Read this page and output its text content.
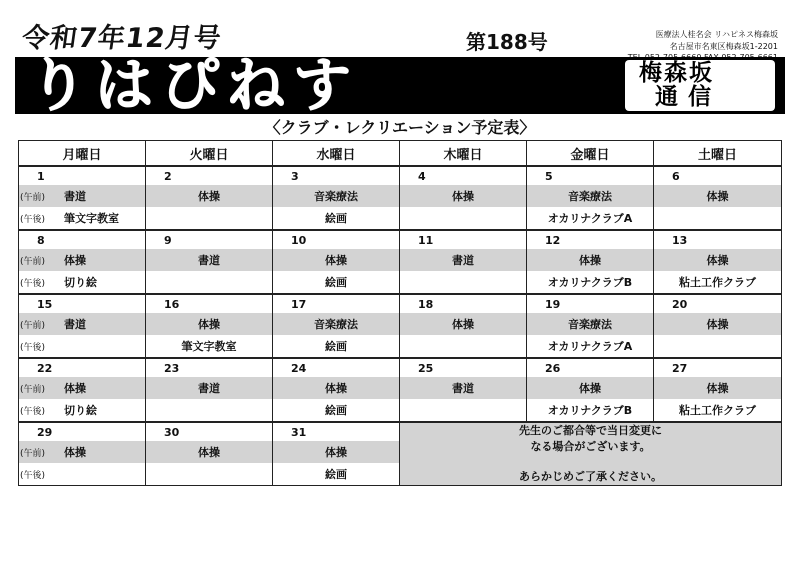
令和7年12月号	第188号	医療法人桂名会 リハピネス梅森坂
名古屋市名東区梅森坂1-2201
りはぴねす	梅森坂
通信
〈クラブ・レクリエーション予定表〉
月曜日	火曜日	水曜日	木曜日	金曜日	土曜日
1	2	3	4	5	6
(午前) 書道	体操	音楽療法	体操	音楽療法	体操
(午後) 筆文字教室		絵画		オカリナクラブA	
8	9	10	11	12	13
(午前) 体操	書道	体操	書道	体操	体操
(午後) 切り絵		絵画		オカリナクラブB	粘土工作クラブ
15	16	17	18	19	20
(午前) 書道	体操	音楽療法	体操	音楽療法	体操
(午後)	筆文字教室	絵画		オカリナクラブA	
22	23	24	25	26	27
(午前) 体操	書道	体操	書道	体操	体操
(午後) 切り絵		絵画		オカリナクラブB	粘土工作クラブ
29	30	31	先生のご都合等で当日変更に
なる場合がございます。
あらかじめご了承ください。		

(午前) 体操	体操	体操			
(午後)		絵画			
